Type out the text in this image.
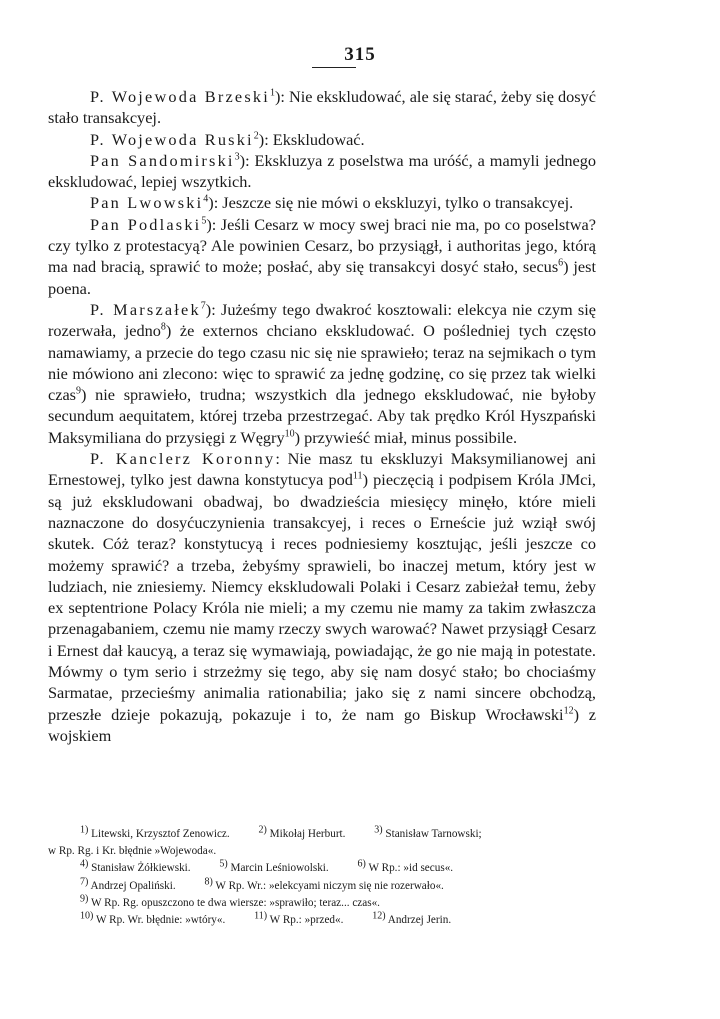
315

P. Wojewoda Brzeski$^1$): Nie ekskludować, ale się starać, żeby się dosyć stało transakcyej.

P. Wojewoda Ruski$^2$): Ekskludować.

Pan Sandomirski$^3$): Ekskluzya z poselstwa ma uróść, a mamyli jednego ekskludować, lepiej wszytkich.

Pan Lwowski$^4$): Jeszcze się nie mówi o ekskluzyi, tylko o transakcyej.

Pan Podlaski$^5$): Jeśli Cesarz w mocy swej braci nie ma, po co poselstwa? czy tylko z protestacyą? Ale powinien Cesarz, bo przysiągł, i authoritas jego, którą ma nad bracią, sprawić to może; posłać, aby się transakcyi dosyć stało, secus$^6$) jest poena.

P. Marszałek$^7$): Jużeśmy tego dwakroć kosztowali: elekcya nie czym się rozerwała, jedno$^8$) że externos chciano ekskludować. O pośledniej tych często namawiamy, a przecie do tego czasu nic się nie sprawieło; teraz na sejmikach o tym nie mówiono ani zlecono: więc to sprawić za jednę godzinę, co się przez tak wielki czas$^9$) nie sprawieło, trudna; wszystkich dla jednego ekskludować, nie byłoby secundum aequitatem, której trzeba przestrzegać. Aby tak prędko Król Hyszpański Maksymiliana do przysięgi z Węgry$^{10}$) przywieść miał, minus possibile.

P. Kanclerz Koronny: Nie masz tu ekskluzyi Maksymilianowej ani Ernestowej, tylko jest dawna konstytucya pod$^{11}$) pieczęcią i podpisem Króla JMci, są już ekskludowani obadwaj, bo dwadzieścia miesięcy minęło, które mieli naznaczone do dosyćuczynienia transakcyej, i reces o Erneście już wziął swój skutek. Cóż teraz? konstytucyą i reces podniesiemy kosztując, jeśli jeszcze co możemy sprawić? a trzeba, żebyśmy sprawieli, bo inaczej metum, który jest w ludziach, nie zniesiemy. Niemcy ekskludowali Polaki i Cesarz zabieżał temu, żeby ex septentrione Polacy Króla nie mieli; a my czemu nie mamy za takim zwłaszcza przenagabaniem, czemu nie mamy rzeczy swych warować? Nawet przysiągł Cesarz i Ernest dał kaucyą, a teraz się wymawiają, powiadając, że go nie mają in potestate. Mówmy o tym serio i strzeżmy się tego, aby się nam dosyć stało; bo chociaśmy Sarmatae, przecieśmy animalia rationabilia; jako się z nami sincere obchodzą, przeszłe dzieje pokazują, pokazuje i to, że nam go Biskup Wrocławski$^{12}$) z wojskiem

$^{1)}$ Litewski, Krzysztof Zenowicz.	$^{2)}$ Mikołaj Herburt.	$^{3)}$ Stanisław Tarnowski;
w Rp. Rg. i Kr. błędnie »Wojewoda«.
$^{4)}$ Stanisław Żółkiewski.	$^{5)}$ Marcin Leśniowolski.	$^{6)}$ W Rp.: »id secus«.
$^{7)}$ Andrzej Opaliński.	$^{8)}$ W Rp. Wr.: »elekcyami niczym się nie rozerwało«.
$^{9)}$ W Rp. Rg. opuszczono te dwa wiersze: »sprawiło; teraz... czas«.
$^{10)}$ W Rp. Wr. błędnie: »wtóry«.	$^{11)}$ W Rp.: »przed«.	$^{12)}$ Andrzej Jerin.
